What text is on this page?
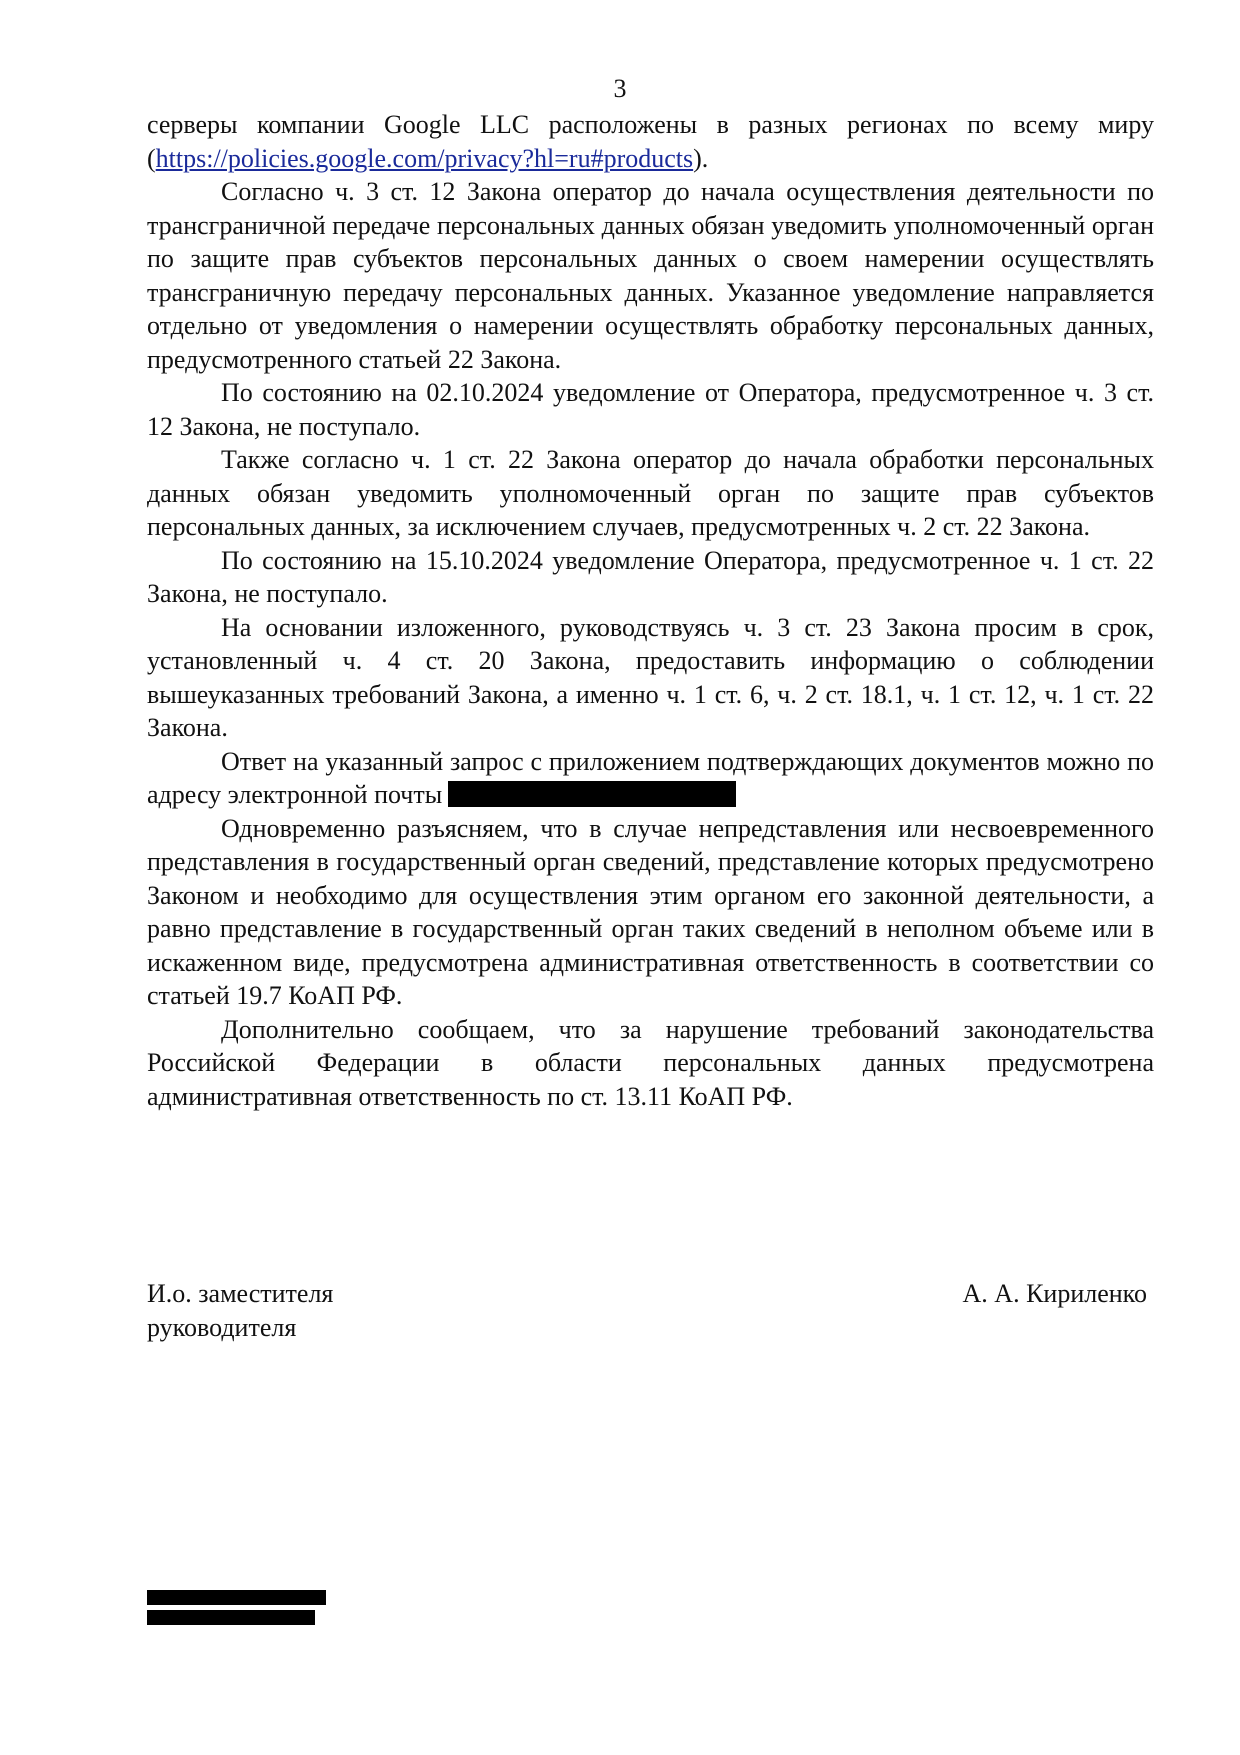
3

серверы компании Google LLC расположены в разных регионах по всему миру (https://policies.google.com/privacy?hl=ru#products).

Согласно ч. 3 ст. 12 Закона оператор до начала осуществления деятельности по трансграничной передаче персональных данных обязан уведомить уполномоченный орган по защите прав субъектов персональных данных о своем намерении осуществлять трансграничную передачу персональных данных. Указанное уведомление направляется отдельно от уведомления о намерении осуществлять обработку персональных данных, предусмотренного статьей 22 Закона.

По состоянию на 02.10.2024 уведомление от Оператора, предусмотренное ч. 3 ст. 12 Закона, не поступало.

Также согласно ч. 1 ст. 22 Закона оператор до начала обработки персональных данных обязан уведомить уполномоченный орган по защите прав субъектов персональных данных, за исключением случаев, предусмотренных ч. 2 ст. 22 Закона.

По состоянию на 15.10.2024 уведомление Оператора, предусмотренное ч. 1 ст. 22 Закона, не поступало.

На основании изложенного, руководствуясь ч. 3 ст. 23 Закона просим в срок, установленный ч. 4 ст. 20 Закона, предоставить информацию о соблюдении вышеуказанных требований Закона, а именно ч. 1 ст. 6, ч. 2 ст. 18.1, ч. 1 ст. 12, ч. 1 ст. 22 Закона.

Ответ на указанный запрос с приложением подтверждающих документов можно по адресу электронной почты

Одновременно разъясняем, что в случае непредставления или несвоевременного представления в государственный орган сведений, представление которых предусмотрено Законом и необходимо для осуществления этим органом его законной деятельности, а равно представление в государственный орган таких сведений в неполном объеме или в искаженном виде, предусмотрена административная ответственность в соответствии со статьей 19.7 КоАП РФ.

Дополнительно сообщаем, что за нарушение требований законодательства Российской Федерации в области персональных данных предусмотрена административная ответственность по ст. 13.11 КоАП РФ.

И.о. заместителя
руководителя
А. А. Кириленко
